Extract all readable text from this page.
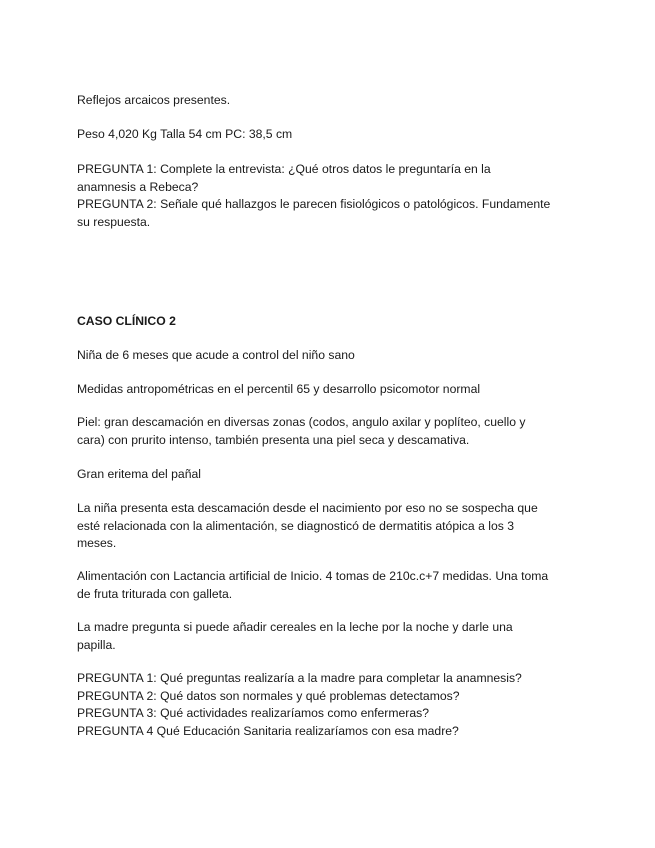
Reflejos arcaicos presentes.

Peso 4,020 Kg Talla 54 cm PC: 38,5 cm

PREGUNTA 1: Complete la entrevista: ¿Qué otros datos le preguntaría en la
anamnesis a Rebeca?
PREGUNTA 2: Señale qué hallazgos le parecen fisiológicos o patológicos. Fundamente
su respuesta.

CASO CLÍNICO 2

Niña de 6 meses que acude a control del niño sano

Medidas antropométricas en el percentil 65 y desarrollo psicomotor normal

Piel: gran descamación en diversas zonas (codos, angulo axilar y poplíteo, cuello y
cara) con prurito intenso, también presenta una piel seca y descamativa.

Gran eritema del pañal

La niña presenta esta descamación desde el nacimiento por eso no se sospecha que
esté relacionada con la alimentación, se diagnosticó de dermatitis atópica a los 3
meses.
Alimentación con Lactancia artificial de Inicio. 4 tomas de 210c.c+7 medidas. Una toma
de fruta triturada con galleta.
La madre pregunta si puede añadir cereales en la leche por la noche y darle una
papilla.
PREGUNTA 1: Qué preguntas realizaría a la madre para completar la anamnesis?
PREGUNTA 2: Qué datos son normales y qué problemas detectamos?
PREGUNTA 3: Qué actividades realizaríamos como enfermeras?
PREGUNTA 4 Qué Educación Sanitaria realizaríamos con esa madre?
